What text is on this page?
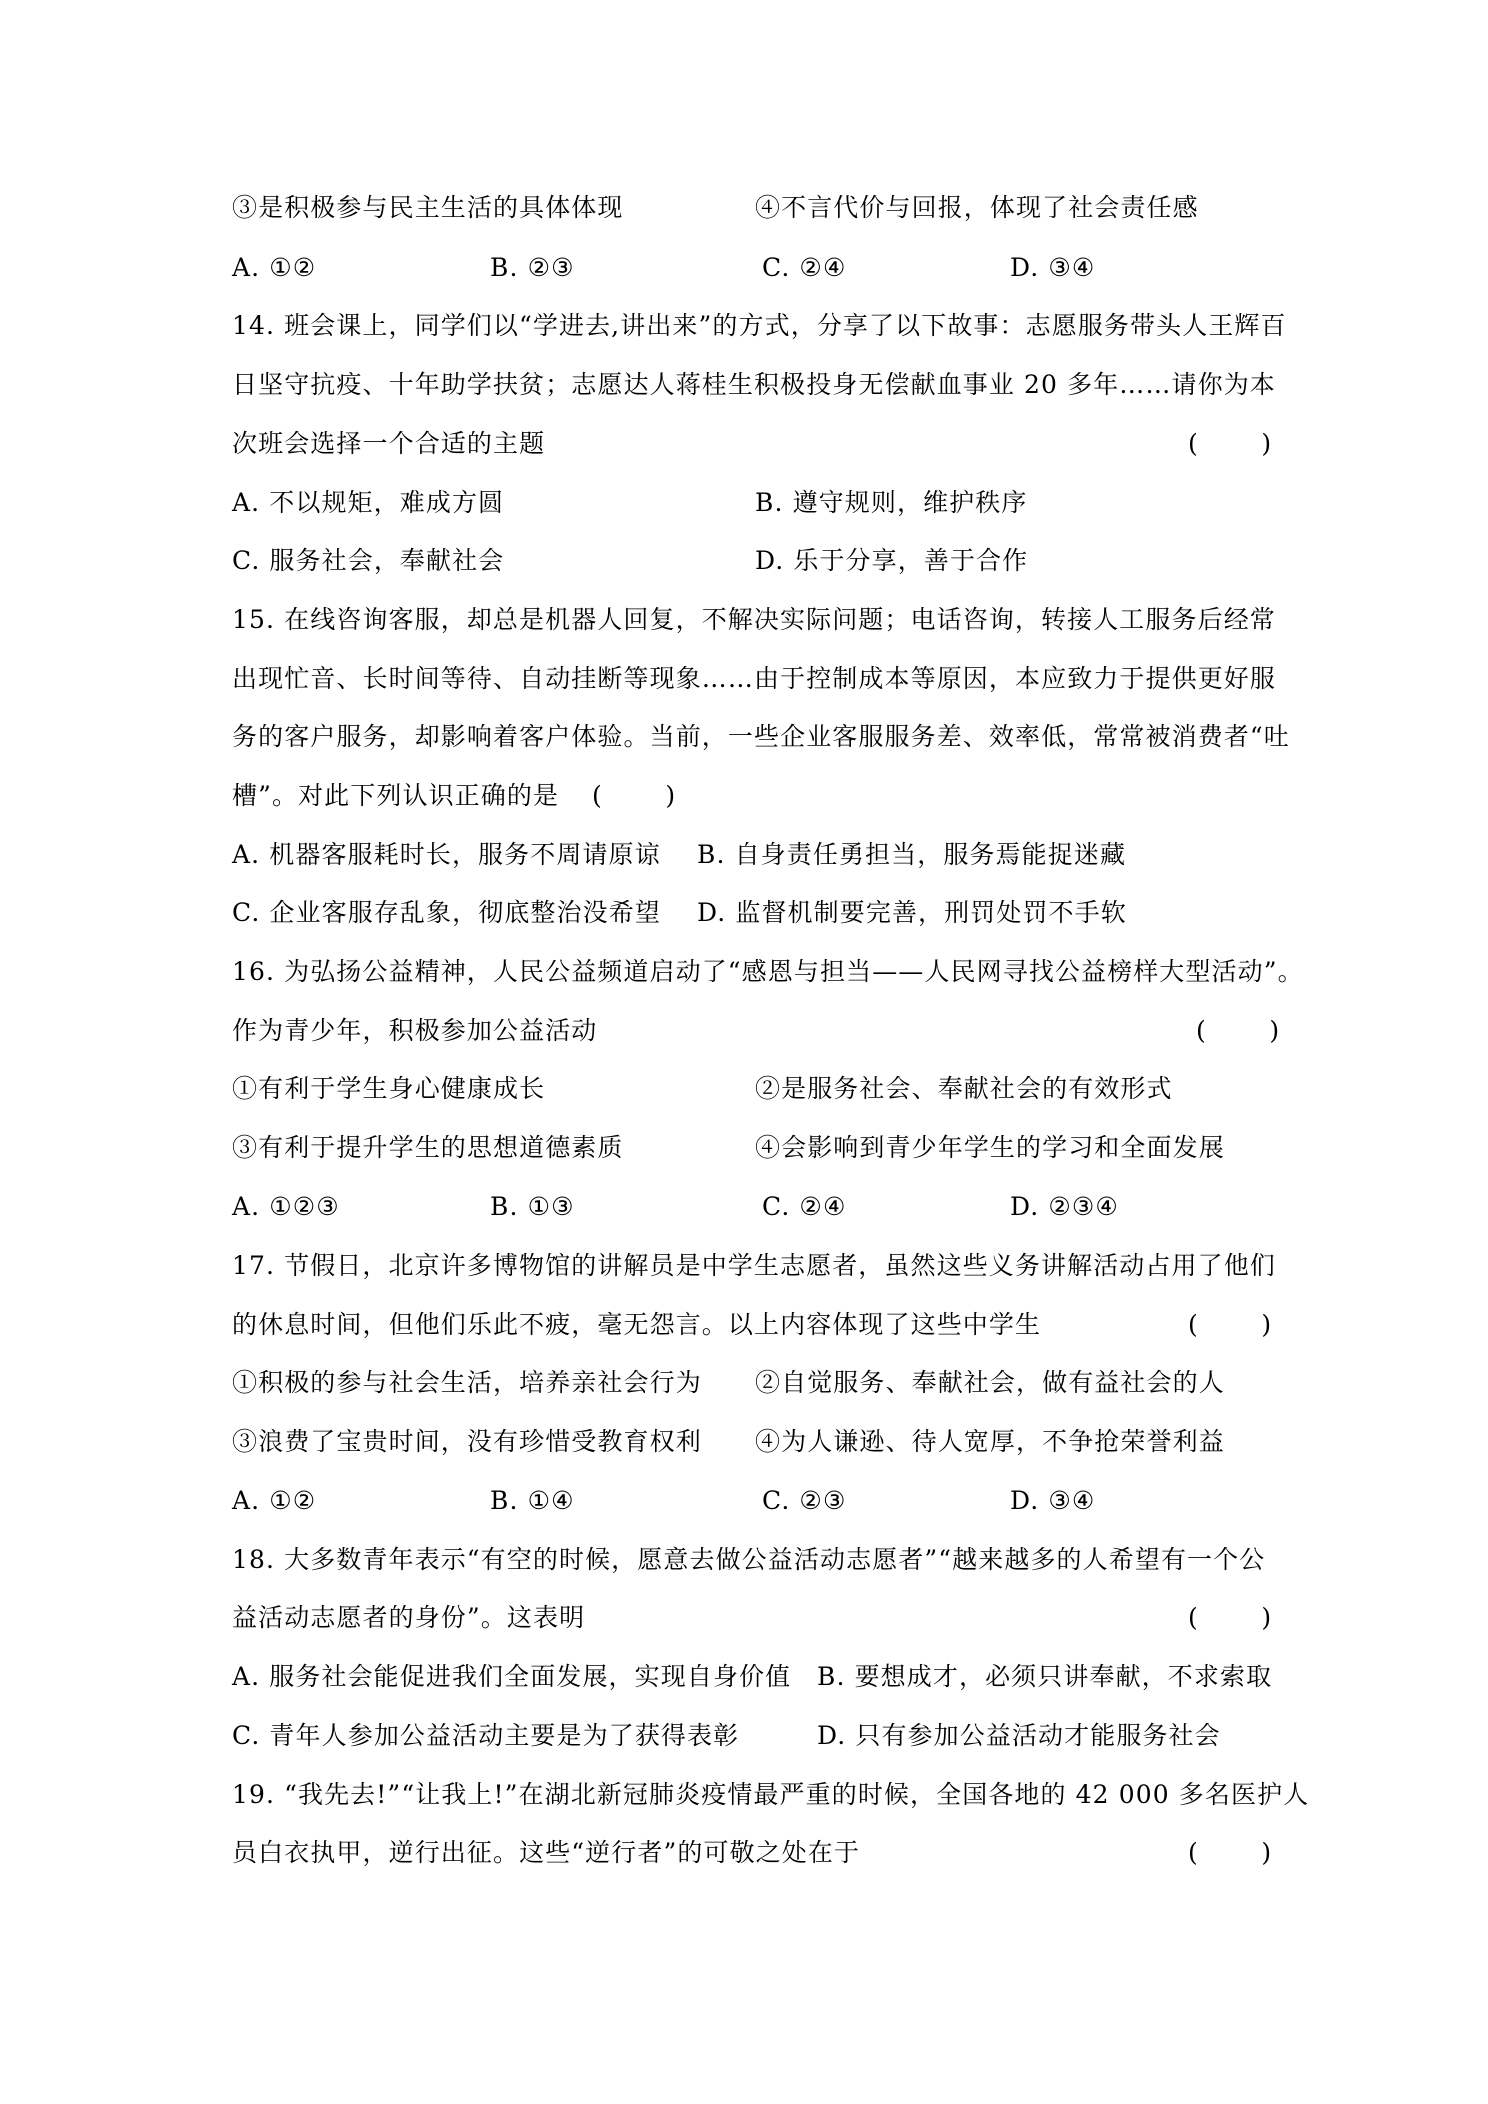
③是积极参与民主生活的具体体现	④不言代价与回报，体现了社会责任感
A. ①②	B. ②③	C. ②④	D. ③④
14. 班会课上，同学们以“学进去,讲出来”的方式，分享了以下故事：志愿服务带头人王辉百
日坚守抗疫、十年助学扶贫；志愿达人蒋桂生积极投身无偿献血事业 20 多年……请你为本
次班会选择一个合适的主题	(        )
A. 不以规矩，难成方圆	B. 遵守规则，维护秩序
C. 服务社会，奉献社会	D. 乐于分享，善于合作
15. 在线咨询客服，却总是机器人回复，不解决实际问题；电话咨询，转接人工服务后经常
出现忙音、长时间等待、自动挂断等现象……由于控制成本等原因，本应致力于提供更好服
务的客户服务，却影响着客户体验。当前，一些企业客服服务差、效率低，常常被消费者“吐
槽”。对此下列认识正确的是 (        )
A. 机器客服耗时长，服务不周请原谅 B. 自身责任勇担当，服务焉能捉迷藏
C. 企业客服存乱象，彻底整治没希望 D. 监督机制要完善，刑罚处罚不手软
16. 为弘扬公益精神，人民公益频道启动了“感恩与担当——人民网寻找公益榜样大型活动”。
作为青少年，积极参加公益活动	(        )
①有利于学生身心健康成长	②是服务社会、奉献社会的有效形式
③有利于提升学生的思想道德素质	④会影响到青少年学生的学习和全面发展
A. ①②③	B. ①③	C. ②④	D. ②③④
17. 节假日，北京许多博物馆的讲解员是中学生志愿者，虽然这些义务讲解活动占用了他们
的休息时间，但他们乐此不疲，毫无怨言。以上内容体现了这些中学生	(        )
①积极的参与社会生活，培养亲社会行为 ②自觉服务、奉献社会，做有益社会的人
③浪费了宝贵时间，没有珍惜受教育权利 ④为人谦逊、待人宽厚，不争抢荣誉利益
A. ①②	B. ①④	C. ②③	D. ③④
18. 大多数青年表示“有空的时候，愿意去做公益活动志愿者”“越来越多的人希望有一个公
益活动志愿者的身份”。这表明	(        )
A. 服务社会能促进我们全面发展，实现自身价值 B. 要想成才，必须只讲奉献，不求索取
C. 青年人参加公益活动主要是为了获得表彰	D. 只有参加公益活动才能服务社会
19. “我先去!”“让我上!”在湖北新冠肺炎疫情最严重的时候，全国各地的 42 000 多名医护人
员白衣执甲，逆行出征。这些“逆行者”的可敬之处在于	(        )
